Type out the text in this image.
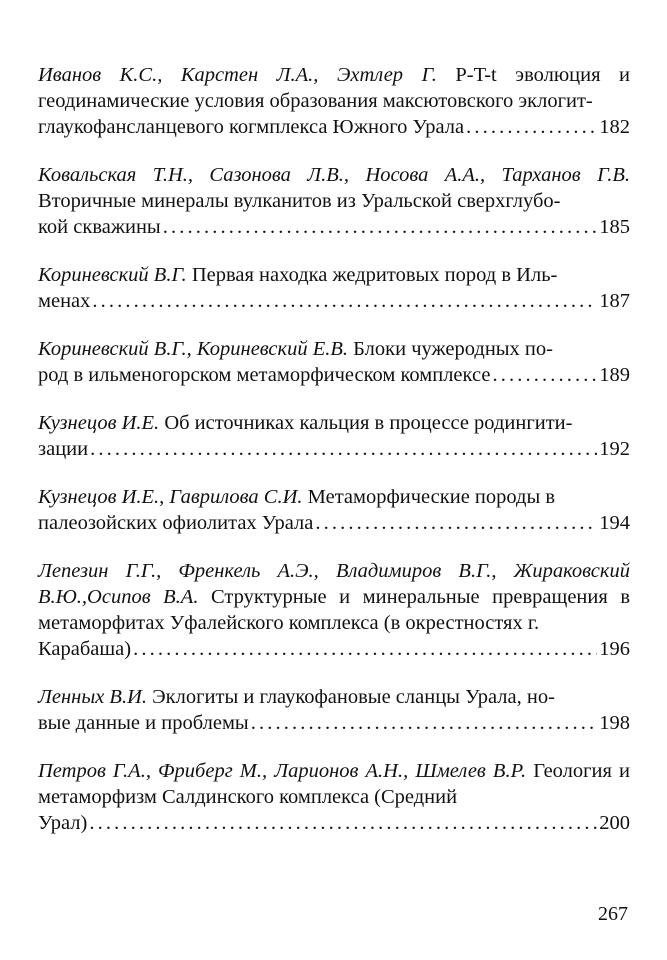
Иванов К.С., Карстен Л.А., Эхтлер Г. P-T-t эволюция и геодинамические условия образования максютовского эклогит-
глаукофансланцевого когмплекса Южного Урала . . .	182
Ковальская Т.Н., Сазонова Л.В., Носова А.А., Тарханов Г.В. Вторичные минералы вулканитов из Уральской сверхглубо-
кой скважины . . .	185
Кориневский В.Г. Первая находка жедритовых пород в Иль-
менах . . .	187
Кориневский В.Г., Кориневский Е.В. Блоки чужеродных по-
род в ильменогорском метаморфическом комплексе . . .	189
Кузнецов И.Е. Об источниках кальция в процессе родингити-
зации . . .	192
Кузнецов И.Е., Гаврилова С.И. Метаморфические породы в
палеозойских офиолитах Урала . . .	194
Лепезин Г.Г., Френкель А.Э., Владимиров В.Г., Жираковский В.Ю.,Осипов В.А. Структурные и минеральные превращения в метаморфитах Уфалейского комплекса (в окрестностях г.
Карабаша) . . .	196
Ленных В.И. Эклогиты и глаукофановые сланцы Урала, но-
вые данные и проблемы . . .	198
Петров Г.А., Фриберг М., Ларионов А.Н., Шмелев В.Р. Геология и метаморфизм Салдинского комплекса (Средний
Урал) . . .	200
267
